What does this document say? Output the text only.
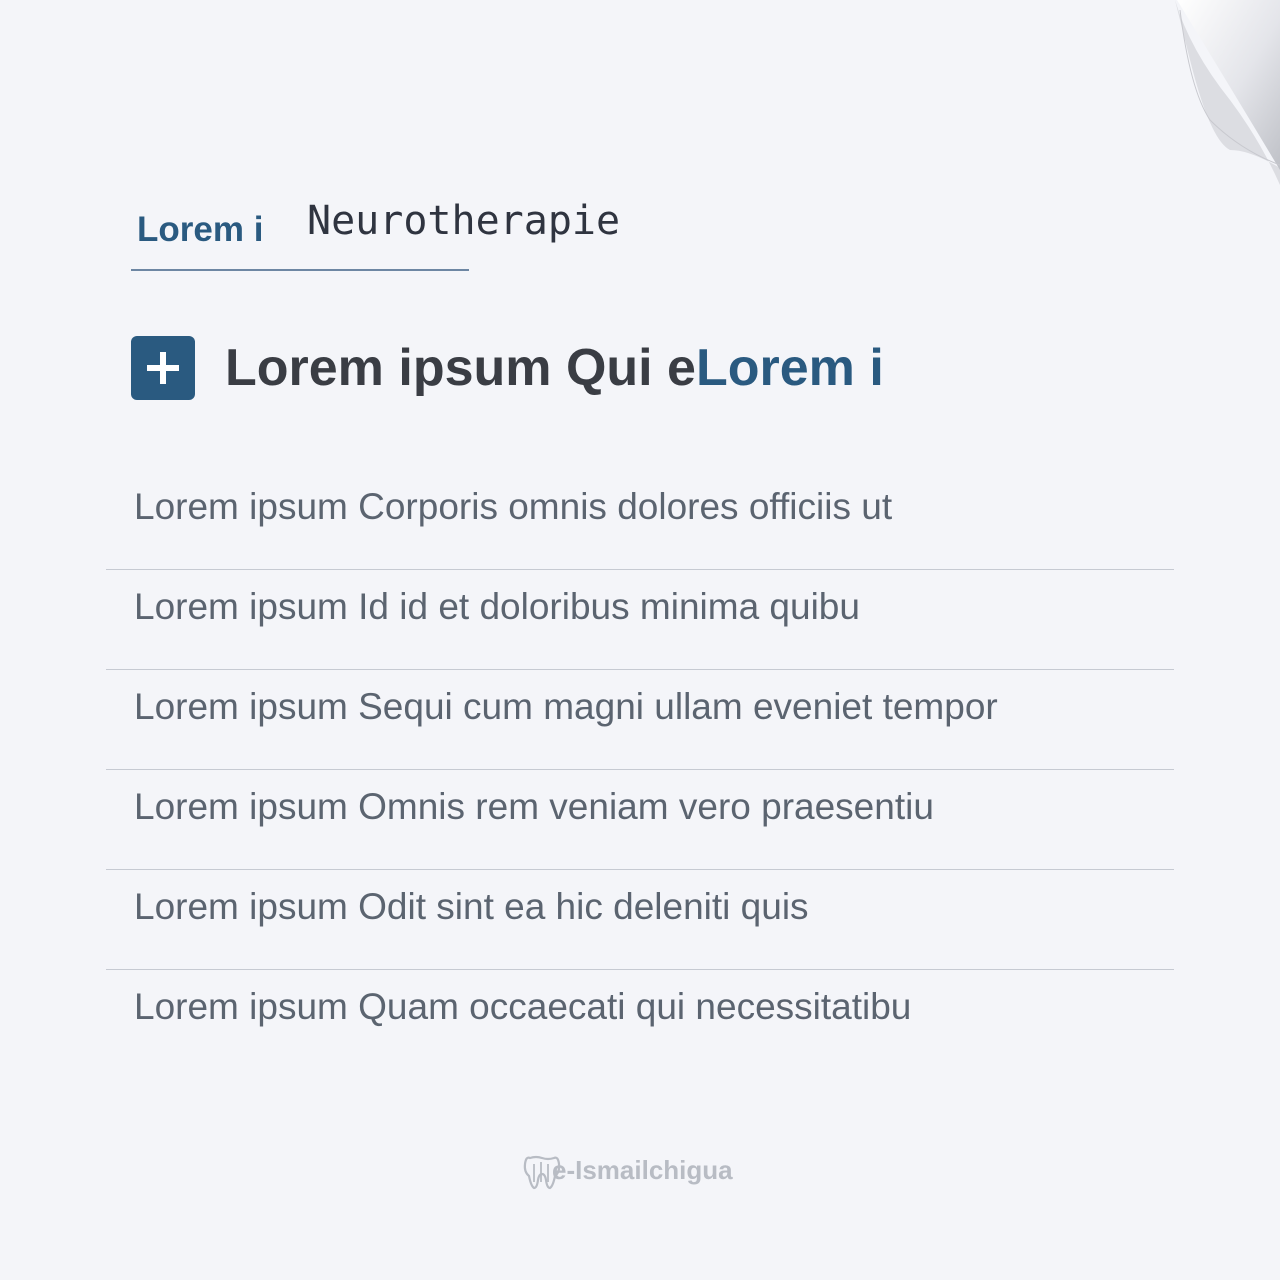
Lorem i Neurotherapie
Lorem ipsum Qui eLorem i
Lorem ipsum Corporis omnis dolores officiis ut
Lorem ipsum Id id et doloribus minima quibu
Lorem ipsum Sequi cum magni ullam eveniet tempor
Lorem ipsum Omnis rem veniam vero praesentiu
Lorem ipsum Odit sint ea hic deleniti quis
Lorem ipsum Quam occaecati qui necessitatibu
e-Ismailchigua
